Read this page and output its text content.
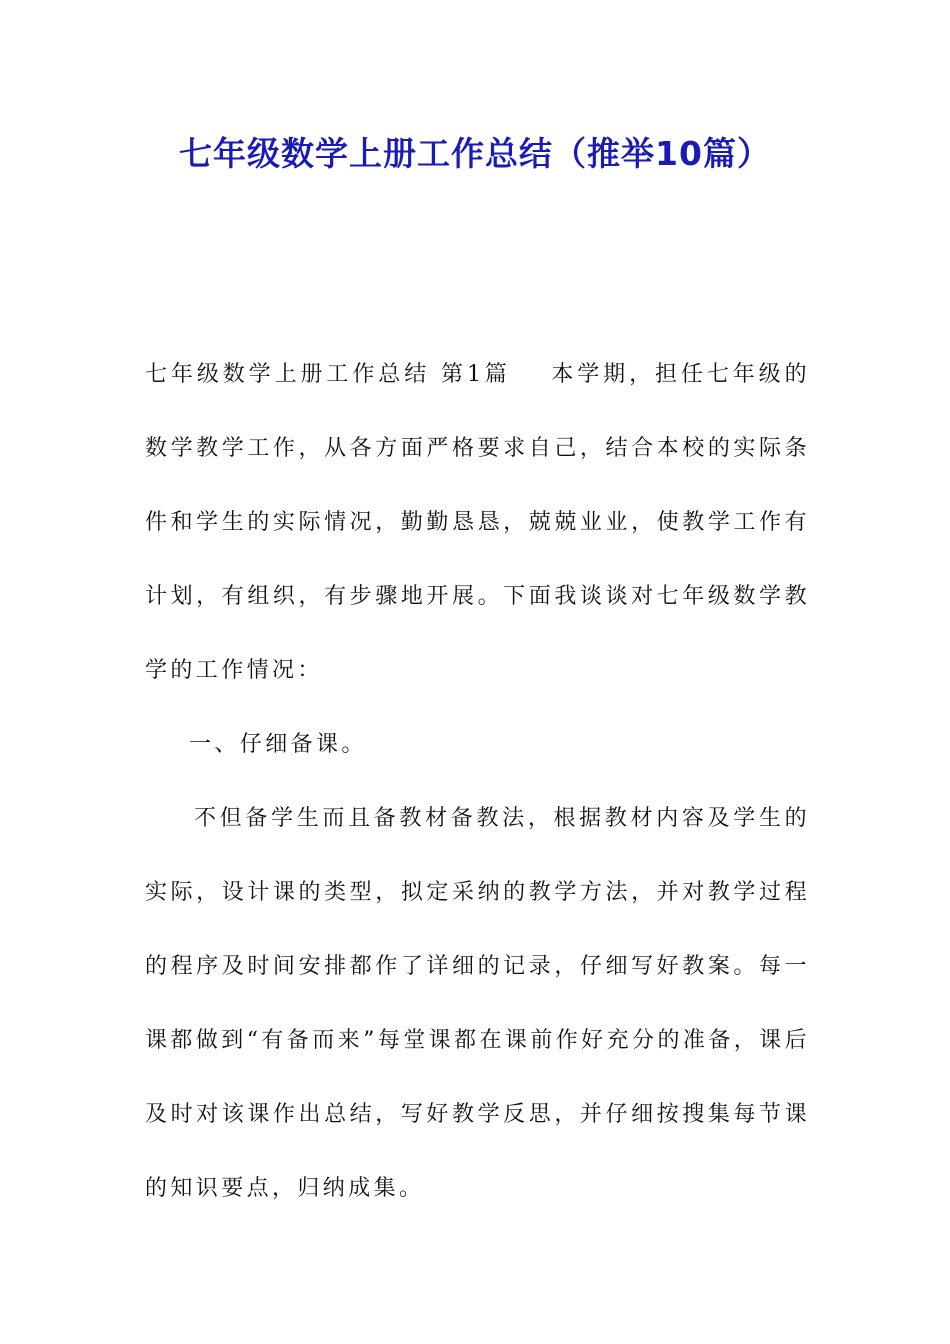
七年级数学上册工作总结（推举10篇）

七年级数学上册工作总结 第1篇 本学期，担任七年级的数学教学工作，从各方面严格要求自己，结合本校的实际条件和学生的实际情况，勤勤恳恳，兢兢业业，使教学工作有计划，有组织，有步骤地开展。下面我谈谈对七年级数学教学的工作情况：

一、仔细备课。

不但备学生而且备教材备教法，根据教材内容及学生的实际，设计课的类型，拟定采纳的教学方法，并对教学过程的程序及时间安排都作了详细的记录，仔细写好教案。每一课都做到“有备而来”每堂课都在课前作好充分的准备，课后及时对该课作出总结，写好教学反思，并仔细按搜集每节课的知识要点，归纳成集。
